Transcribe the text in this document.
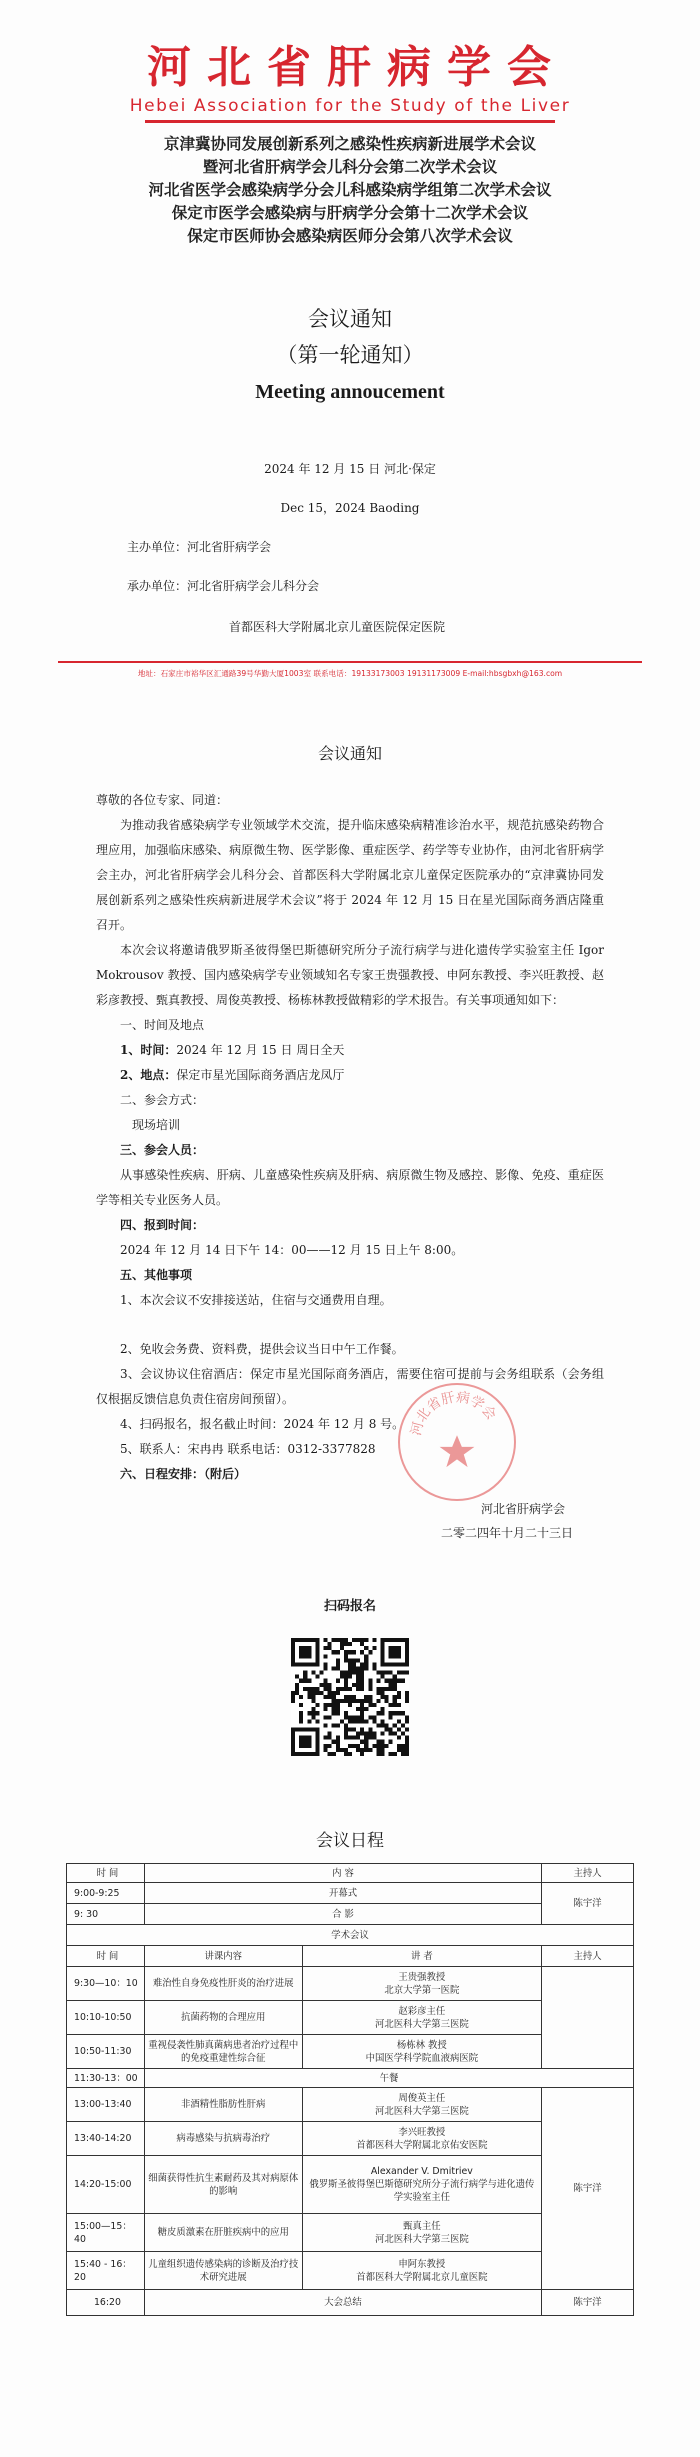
河北省肝病学会
Hebei Association for the Study of the Liver
京津冀协同发展创新系列之感染性疾病新进展学术会议
暨河北省肝病学会儿科分会第二次学术会议
河北省医学会感染病学分会儿科感染病学组第二次学术会议
保定市医学会感染病与肝病学分会第十二次学术会议
保定市医师协会感染病医师分会第八次学术会议
会议通知
（第一轮通知）
Meeting annoucement
2024 年 12 月 15 日 河北·保定
Dec 15，2024 Baoding
主办单位：河北省肝病学会
承办单位：河北省肝病学会儿科分会
首都医科大学附属北京儿童医院保定医院
地址：石家庄市裕华区汇通路39号华勤大厦1003室 联系电话：19133173003 19131173009 E-mail:hbsgbxh@163.com
会议通知

尊敬的各位专家、同道：

为推动我省感染病学专业领域学术交流，提升临床感染病精准诊治水平，规范抗感染药物合理应用，加强临床感染、病原微生物、医学影像、重症医学、药学等专业协作，由河北省肝病学会主办，河北省肝病学会儿科分会、首都医科大学附属北京儿童保定医院承办的“京津冀协同发展创新系列之感染性疾病新进展学术会议”将于 2024 年 12 月 15 日在星光国际商务酒店隆重召开。

本次会议将邀请俄罗斯圣彼得堡巴斯德研究所分子流行病学与进化遗传学实验室主任 Igor Mokrousov 教授、国内感染病学专业领域知名专家王贵强教授、申阿东教授、李兴旺教授、赵彩彦教授、甄真教授、周俊英教授、杨栋林教授做精彩的学术报告。有关事项通知如下：

一、时间及地点

1、时间：2024 年 12 月 15 日 周日全天

2、地点：保定市星光国际商务酒店龙凤厅

二、参会方式：

现场培训

三、参会人员：

从事感染性疾病、肝病、儿童感染性疾病及肝病、病原微生物及感控、影像、免疫、重症医学等相关专业医务人员。

四、报到时间：

2024 年 12 月 14 日下午 14：00——12 月 15 日上午 8:00。

五、其他事项

1、本次会议不安排接送站，住宿与交通费用自理。

2、免收会务费、资料费，提供会议当日中午工作餐。

3、会议协议住宿酒店：保定市星光国际商务酒店，需要住宿可提前与会务组联系（会务组仅根据反馈信息负责住宿房间预留）。

4、扫码报名，报名截止时间：2024 年 12 月 8 号。

5、联系人：宋冉冉 联系电话：0312-3377828

六、日程安排：（附后）

河北省肝病学会
河北省肝病学会
二零二四年十月二十三日
扫码报名
会议日程
时 间	内 容		主持人
9:00-9:25	开幕式		陈宇洋
9: 30	合 影		
学术会议			
时 间	讲课内容	讲 者	主持人
9:30—10：10	难治性自身免疫性肝炎的治疗进展	王贵强教授
北京大学第一医院	

10:10-10:50	抗菌药物的合理应用	赵彩彦主任
河北医科大学第三医院	

10:50-11:30	重视侵袭性肺真菌病患者治疗过程中的免疫重建性综合征	杨栋林 教授
中国医学科学院血液病医院	

11:30-13：00	午餐		
13:00-13:40	非酒精性脂肪性肝病	周俊英主任
河北医科大学第三医院	陈宇洋
13:40-14:20	病毒感染与抗病毒治疗	李兴旺教授
首都医科大学附属北京佑安医院	

14:20-15:00	细菌获得性抗生素耐药及其对病原体的影响	Alexander V. Dmitriev
俄罗斯圣彼得堡巴斯德研究所分子流行病学与进化遗传学实验室主任	

15:00—15：40	糖皮质激素在肝脏疾病中的应用	甄真主任
河北医科大学第三医院	

15:40 - 16：20	儿童组织遗传感染病的诊断及治疗技术研究进展	申阿东教授
首都医科大学附属北京儿童医院	

16:20	大会总结		陈宇洋
